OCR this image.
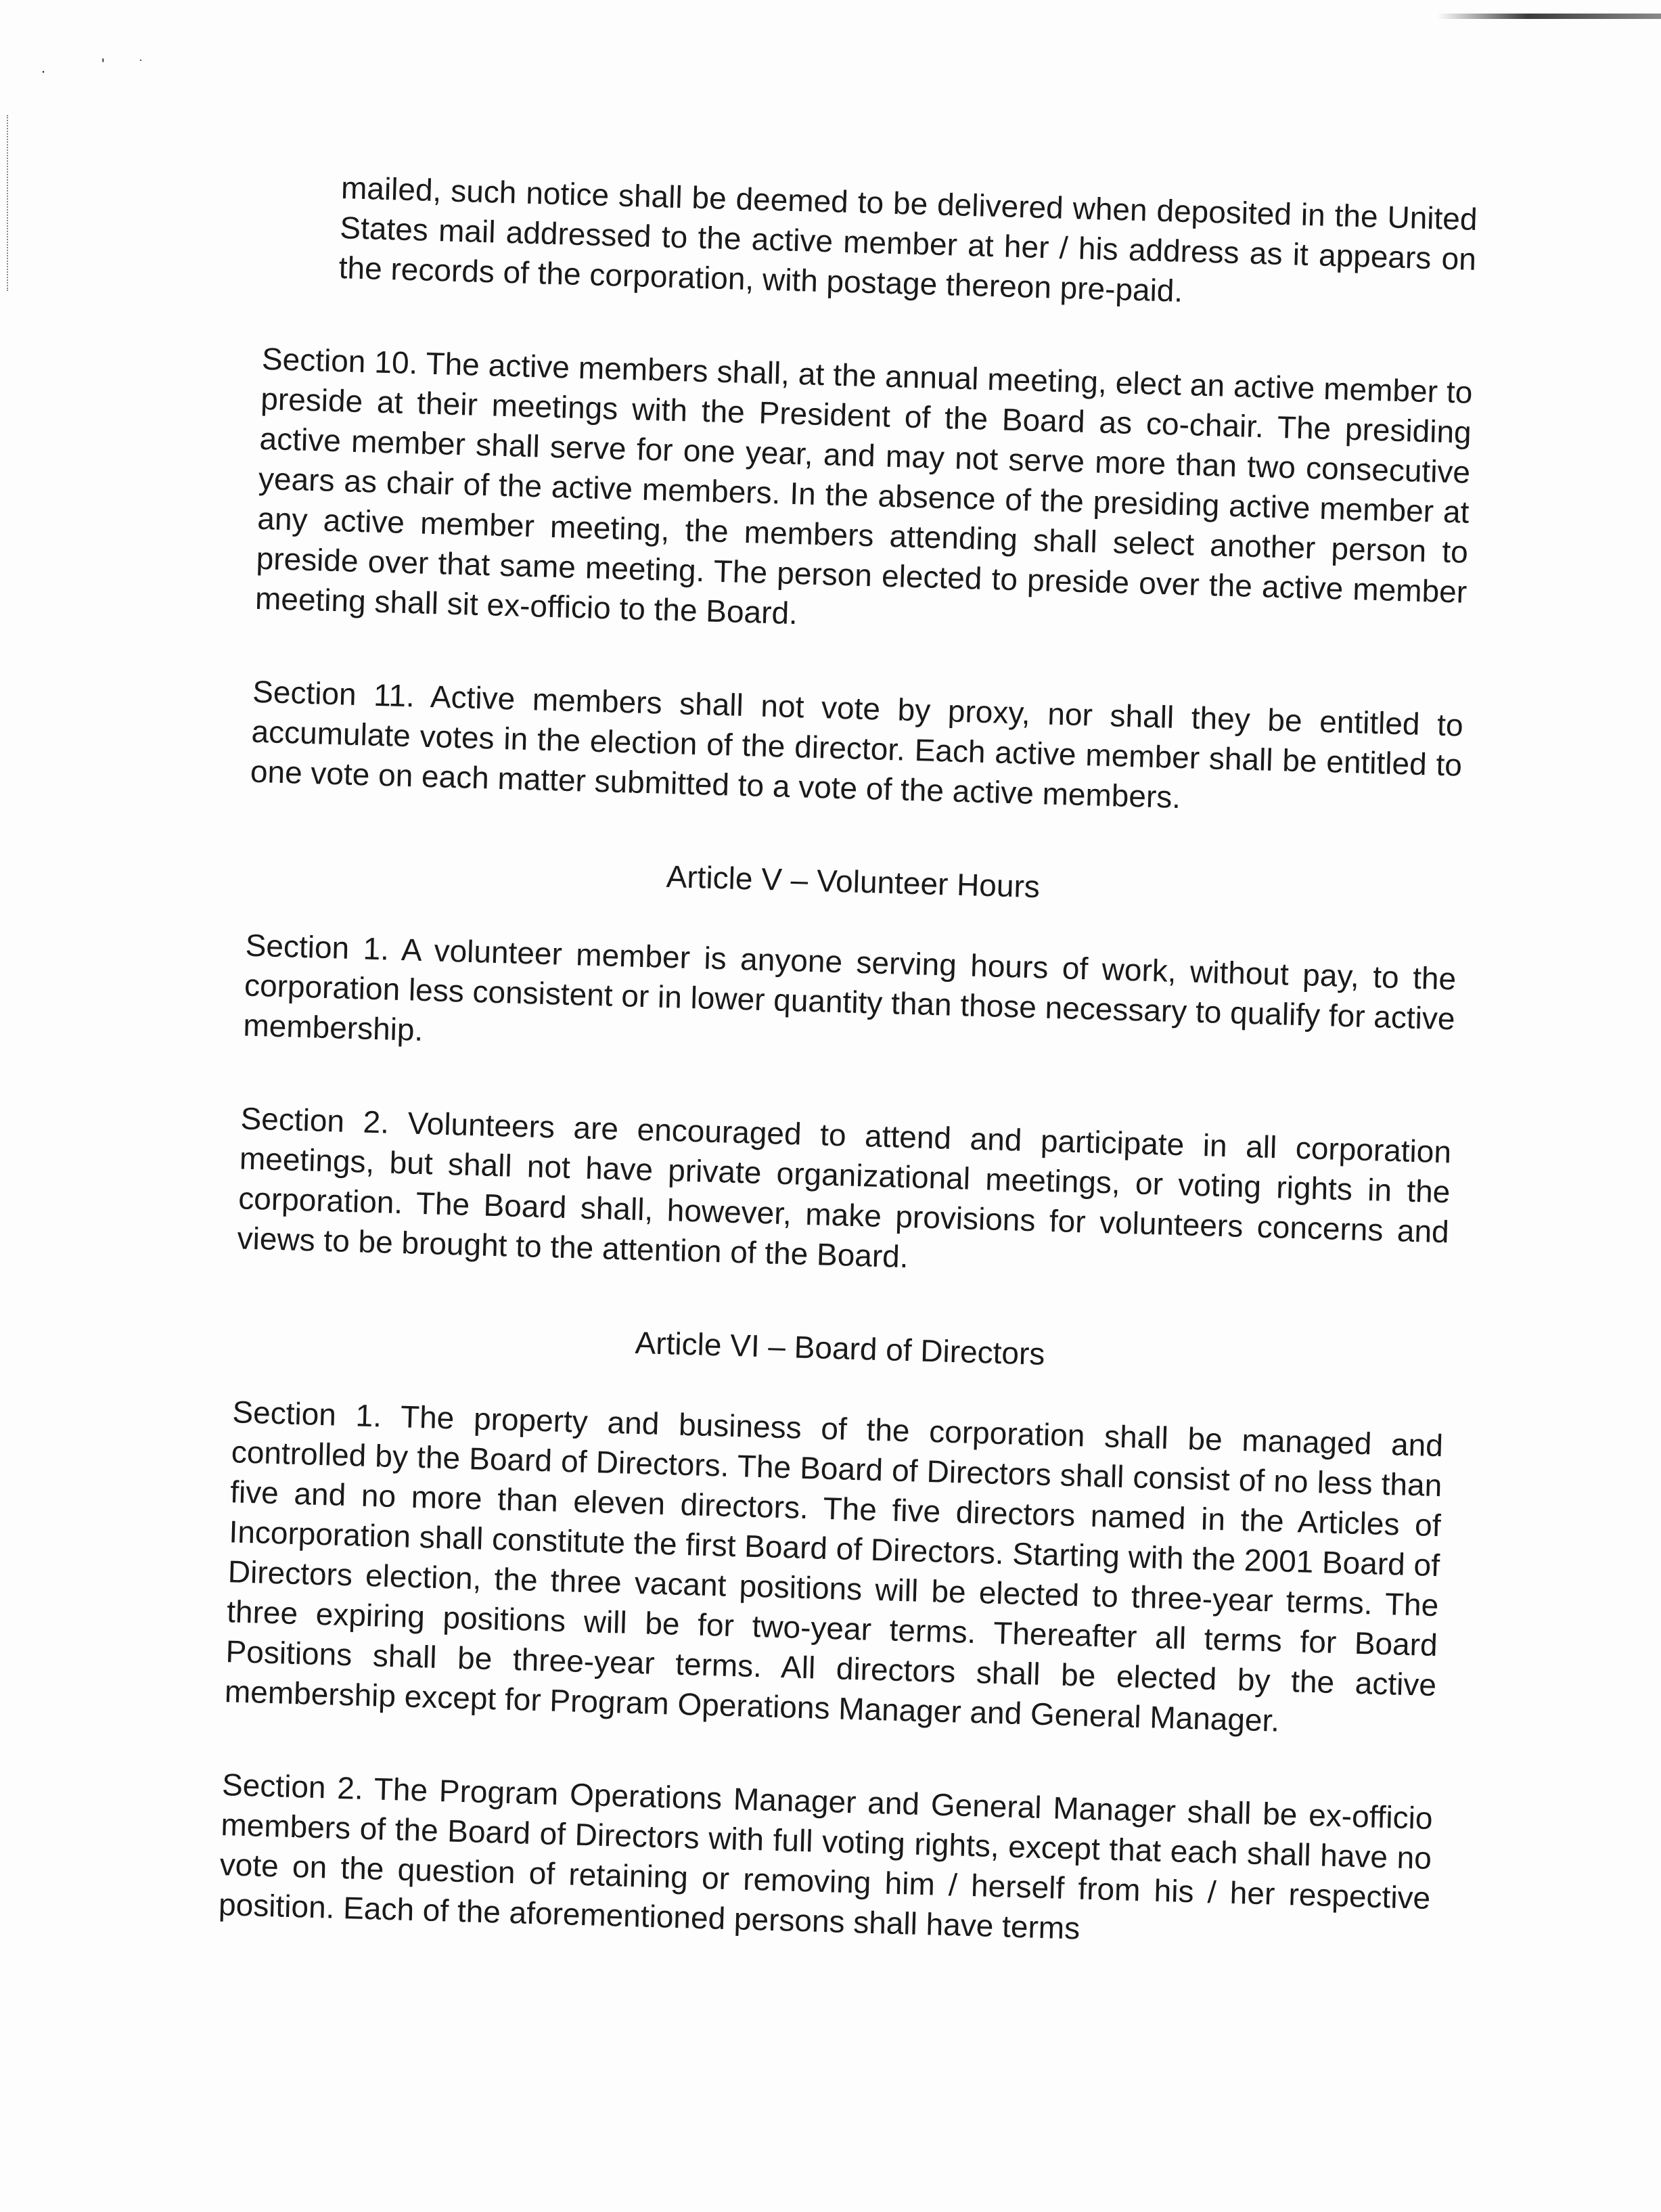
·	'	·

mailed, such notice shall be deemed to be delivered when deposited in the United States mail addressed to the active member at her / his address as it appears on the records of the corporation, with postage thereon pre-paid.

Section 10. The active members shall, at the annual meeting, elect an active member to preside at their meetings with the President of the Board as co-chair. The presiding active member shall serve for one year, and may not serve more than two consecutive years as chair of the active members. In the absence of the presiding active member at any active member meeting, the members attending shall select another person to preside over that same meeting. The person elected to preside over the active member meeting shall sit ex-officio to the Board.

Section 11. Active members shall not vote by proxy, nor shall they be entitled to accumulate votes in the election of the director. Each active member shall be entitled to one vote on each matter submitted to a vote of the active members.

Article V – Volunteer Hours

Section 1. A volunteer member is anyone serving hours of work, without pay, to the corporation less consistent or in lower quantity than those necessary to qualify for active membership.

Section 2. Volunteers are encouraged to attend and participate in all corporation meetings, but shall not have private organizational meetings, or voting rights in the corporation. The Board shall, however, make provisions for volunteers concerns and views to be brought to the attention of the Board.

Article VI – Board of Directors

Section 1. The property and business of the corporation shall be managed and controlled by the Board of Directors. The Board of Directors shall consist of no less than five and no more than eleven directors. The five directors named in the Articles of Incorporation shall constitute the first Board of Directors. Starting with the 2001 Board of Directors election, the three vacant positions will be elected to three-year terms. The three expiring positions will be for two-year terms. Thereafter all terms for Board Positions shall be three-year terms. All directors shall be elected by the active membership except for Program Operations Manager and General Manager.

Section 2. The Program Operations Manager and General Manager shall be ex-officio members of the Board of Directors with full voting rights, except that each shall have no vote on the question of retaining or removing him / herself from his / her respective position. Each of the aforementioned persons shall have terms
